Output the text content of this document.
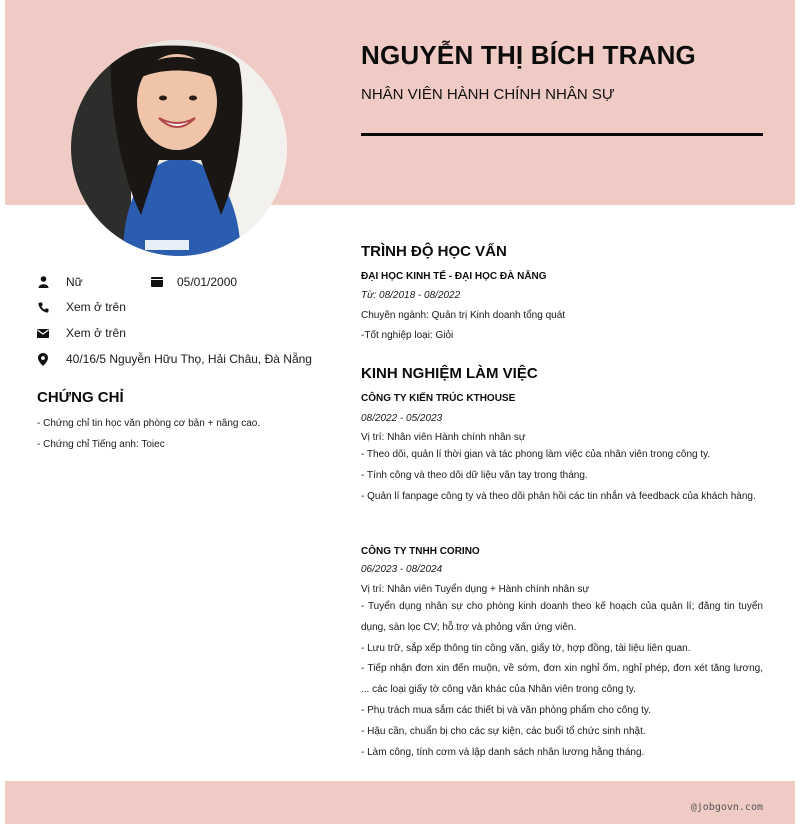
NGUYỄN THỊ BÍCH TRANG
NHÂN VIÊN HÀNH CHÍNH NHÂN SỰ
Nữ	05/01/2000
Xem ở trên
Xem ở trên
40/16/5 Nguyễn Hữu Thọ, Hải Châu, Đà Nẵng
CHỨNG CHỈ
- Chứng chỉ tin học văn phòng cơ bản + nâng cao.
- Chứng chỉ Tiếng anh: Toiec
TRÌNH ĐỘ HỌC VẤN
ĐẠI HỌC KINH TẾ - ĐẠI HỌC ĐÀ NẴNG
Từ: 08/2018 - 08/2022
Chuyên ngành: Quản trị Kinh doanh tổng quát
-Tốt nghiệp loại: Giỏi
KINH NGHIỆM LÀM VIỆC
CÔNG TY KIẾN TRÚC KTHOUSE
08/2022 - 05/2023
Vị trí: Nhân viên Hành chính nhân sự
- Theo dõi, quản lí thời gian và tác phong làm việc của nhân viên trong công ty.
- Tính công và theo dõi dữ liệu vân tay trong tháng.
- Quản lí fanpage công ty và theo dõi phản hồi các tin nhắn và feedback của khách hàng.
CÔNG TY TNHH CORINO
06/2023 - 08/2024
Vị trí: Nhân viên Tuyển dụng + Hành chính nhân sự
- Tuyển dụng nhân sự cho phòng kinh doanh theo kế hoạch của quản lí; đăng tin tuyển dụng, sàn lọc CV; hỗ trợ và phỏng vấn ứng viên.
- Lưu trữ, sắp xếp thông tin công văn, giấy tờ, hợp đồng, tài liệu liên quan.
- Tiếp nhận đơn xin đến muộn, về sớm, đơn xin nghỉ ốm, nghỉ phép, đơn xét tăng lương, ... các loại giấy tờ công văn khác của Nhân viên trong công ty.
- Phụ trách mua sắm các thiết bị và văn phòng phẩm cho công ty.
- Hậu cần, chuẩn bị cho các sự kiện, các buổi tổ chức sinh nhật.
- Làm công, tính cơm và lập danh sách nhân lương hằng tháng.
@jobgovn.com
